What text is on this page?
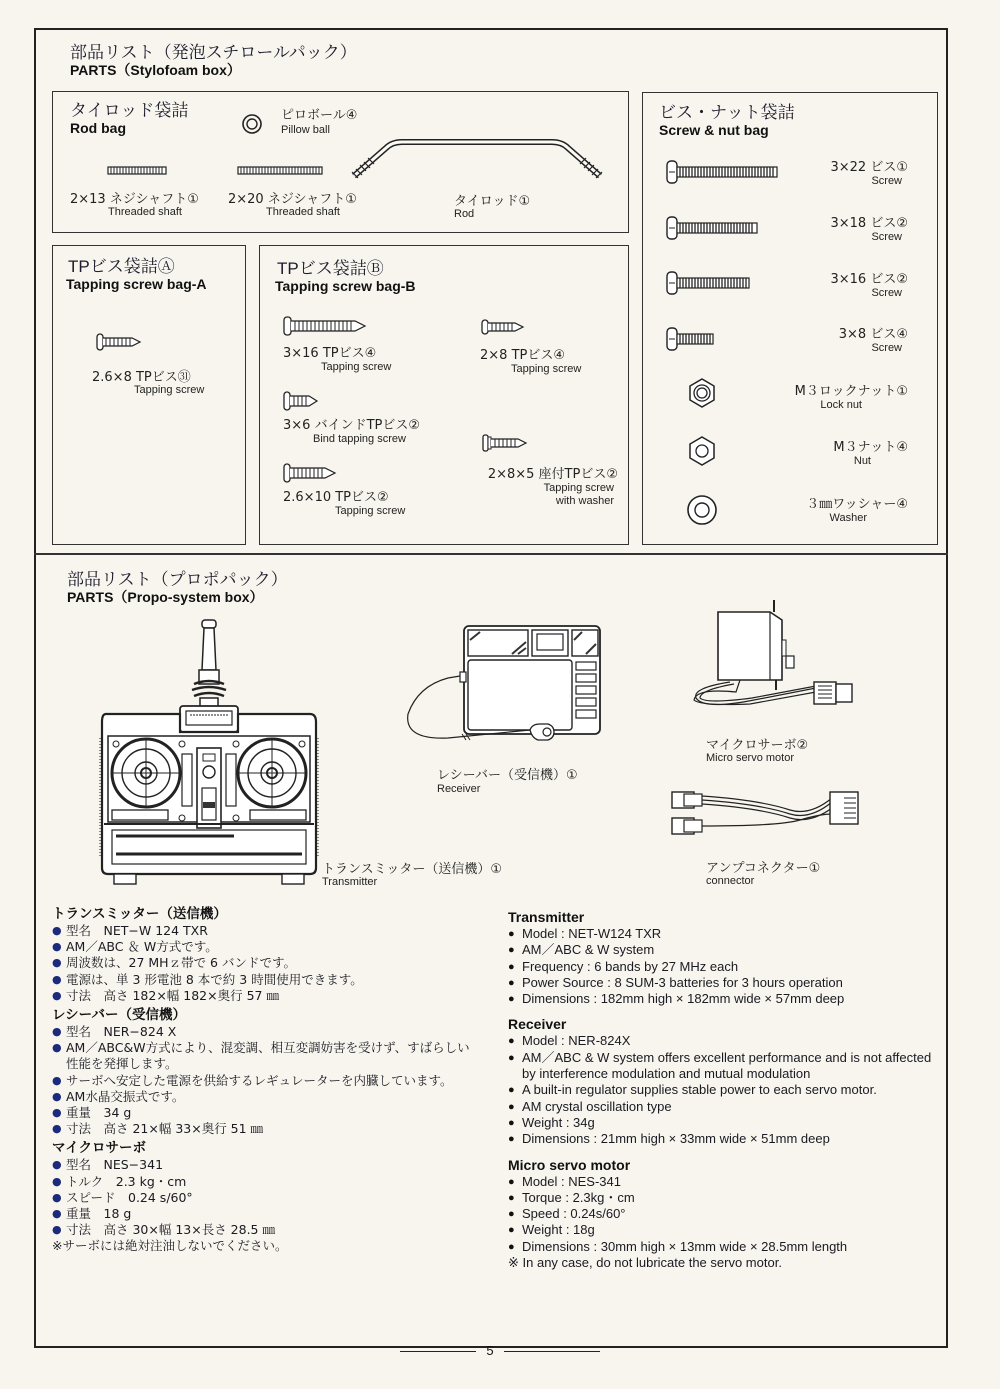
部品リスト（発泡スチロールパック）
PARTS（Stylofoam box）
タイロッド袋詰
Rod bag
ピロボール④
Pillow ball
2×13 ネジシャフト①
Threaded shaft
2×20 ネジシャフト①
Threaded shaft
タイロッド①
Rod
TPビス袋詰Ⓐ
Tapping screw bag-A
2.6×8 TPビス㉛
Tapping screw
TPビス袋詰Ⓑ
Tapping screw bag-B
3×16 TPビス④
Tapping screw
2×8 TPビス④
Tapping screw
3×6 バインドTPビス②
Bind tapping screw
2.6×10 TPビス②
Tapping screw
2×8×5 座付TPビス②
Tapping screw
with washer
ビス・ナット袋詰
Screw & nut bag
3×22 ビス①
Screw
3×18 ビス②
Screw
3×16 ビス②
Screw
3×8 ビス④
Screw
M３ロックナット①
Lock nut
M３ナット④
Nut
３㎜ワッシャー④
Washer
部品リスト（プロポパック）
PARTS（Propo-system box）
トランスミッター（送信機）①
Transmitter
レシーバー（受信機）①
Receiver
マイクロサーボ②
Micro servo motor
アンプコネクター①
connector
トランスミッター（送信機）
● 型名　NET−W 124 TXR
● AM／ABC ＆ W方式です。
● 周波数は、27 MHｚ帯で 6 バンドです。
● 電源は、単 3 形電池 8 本で約 3 時間使用できます。
● 寸法　高さ 182×幅 182×奥行 57 ㎜
レシーバー（受信機）
● 型名　NER−824 X
● AM／ABC&W方式により、混変調、相互変調妨害を受けず、すばらしい性能を発揮します。
● サーボへ安定した電源を供給するレギュレーターを内臓しています。
● AM水晶交振式です。
● 重量　34 g
● 寸法　高さ 21×幅 33×奥行 51 ㎜
マイクロサーボ
● 型名　NES−341
● トルク　2.3 kg・cm
● スピード　0.24 s/60°
● 重量　18 g
● 寸法　高さ 30×幅 13×長さ 28.5 ㎜
※サーボには絶対注油しないでください。
Transmitter
● Model : NET-W124 TXR
● AM／ABC & W system
● Frequency : 6 bands by 27 MHz each
● Power Source : 8 SUM-3 batteries for 3 hours operation
● Dimensions : 182mm high × 182mm wide × 57mm deep
Receiver
● Model : NER-824X
● AM／ABC & W system offers excellent performance and is not affected by interference modulation and mutual modulation
● A built-in regulator supplies stable power to each servo motor.
● AM crystal oscillation type
● Weight : 34g
● Dimensions : 21mm high × 33mm wide × 51mm deep
Micro servo motor
● Model : NES-341
● Torque : 2.3kg・cm
● Speed : 0.24s/60°
● Weight : 18g
● Dimensions : 30mm high × 13mm wide × 28.5mm length
※ In any case, do not lubricate the servo motor.
5
